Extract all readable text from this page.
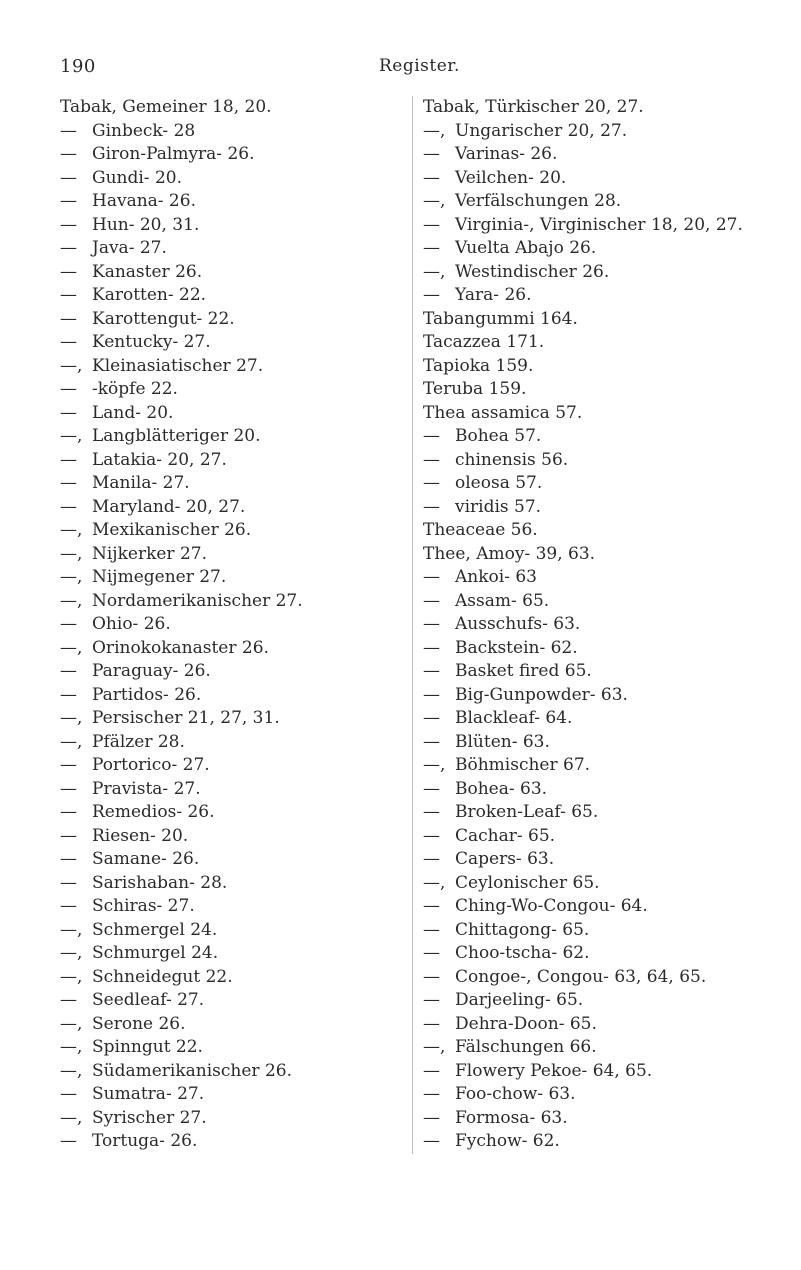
190	Register.
Tabak, Gemeiner 18, 20.
— Ginbeck- 28
— Giron-Palmyra- 26.
— Gundi- 20.
— Havana- 26.
— Hun- 20, 31.
— Java- 27.
— Kanaster 26.
— Karotten- 22.
— Karottengut- 22.
— Kentucky- 27.
—, Kleinasiatischer 27.
— -köpfe 22.
— Land- 20.
—, Langblätteriger 20.
— Latakia- 20, 27.
— Manila- 27.
— Maryland- 20, 27.
—, Mexikanischer 26.
—, Nijkerker 27.
—, Nijmegener 27.
—, Nordamerikanischer 27.
— Ohio- 26.
—, Orinokokanaster 26.
— Paraguay- 26.
— Partidos- 26.
—, Persischer 21, 27, 31.
—, Pfälzer 28.
— Portorico- 27.
— Pravista- 27.
— Remedios- 26.
— Riesen- 20.
— Samane- 26.
— Sarishaban- 28.
— Schiras- 27.
—, Schmergel 24.
—, Schmurgel 24.
—, Schneidegut 22.
— Seedleaf- 27.
—, Serone 26.
—, Spinngut 22.
—, Südamerikanischer 26.
— Sumatra- 27.
—, Syrischer 27.
— Tortuga- 26.
Tabak, Türkischer 20, 27.
—, Ungarischer 20, 27.
— Varinas- 26.
— Veilchen- 20.
—, Verfälschungen 28.
— Virginia-, Virginischer 18, 20, 27.
— Vuelta Abajo 26.
—, Westindischer 26.
— Yara- 26.
Tabangummi 164.
Tacazzea 171.
Tapioka 159.
Teruba 159.
Thea assamica 57.
— Bohea 57.
— chinensis 56.
— oleosa 57.
— viridis 57.
Theaceae 56.
Thee, Amoy- 39, 63.
— Ankoi- 63
— Assam- 65.
— Ausschufs- 63.
— Backstein- 62.
— Basket fired 65.
— Big-Gunpowder- 63.
— Blackleaf- 64.
— Blüten- 63.
—, Böhmischer 67.
— Bohea- 63.
— Broken-Leaf- 65.
— Cachar- 65.
— Capers- 63.
—, Ceylonischer 65.
— Ching-Wo-Congou- 64.
— Chittagong- 65.
— Choo-tscha- 62.
— Congoe-, Congou- 63, 64, 65.
— Darjeeling- 65.
— Dehra-Doon- 65.
—, Fälschungen 66.
— Flowery Pekoe- 64, 65.
— Foo-chow- 63.
— Formosa- 63.
— Fychow- 62.
